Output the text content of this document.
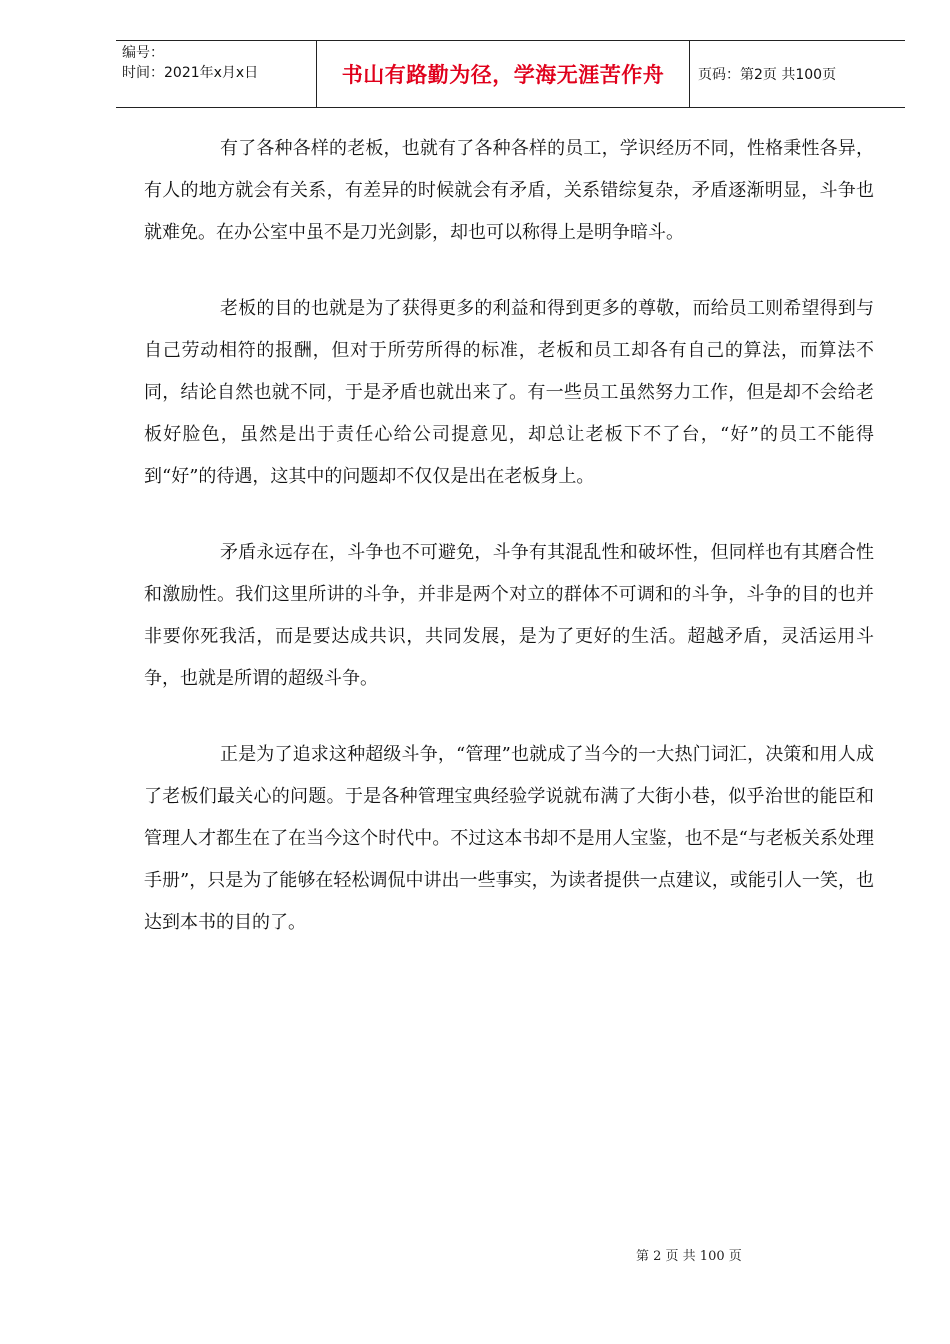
编号：
时间：2021年x月x日	书山有路勤为径，学海无涯苦作舟	页码：第2页 共100页

有了各种各样的老板，也就有了各种各样的员工，学识经历不同，性格秉性各异，有人的地方就会有关系，有差异的时候就会有矛盾，关系错综复杂，矛盾逐渐明显，斗争也就难免。在办公室中虽不是刀光剑影，却也可以称得上是明争暗斗。

老板的目的也就是为了获得更多的利益和得到更多的尊敬，而给员工则希望得到与自己劳动相符的报酬，但对于所劳所得的标准，老板和员工却各有自己的算法，而算法不同，结论自然也就不同，于是矛盾也就出来了。有一些员工虽然努力工作，但是却不会给老板好脸色，虽然是出于责任心给公司提意见，却总让老板下不了台，“好”的员工不能得到“好”的待遇，这其中的问题却不仅仅是出在老板身上。

矛盾永远存在，斗争也不可避免，斗争有其混乱性和破坏性，但同样也有其磨合性和激励性。我们这里所讲的斗争，并非是两个对立的群体不可调和的斗争，斗争的目的也并非要你死我活，而是要达成共识，共同发展，是为了更好的生活。超越矛盾，灵活运用斗争，也就是所谓的超级斗争。

正是为了追求这种超级斗争，“管理”也就成了当今的一大热门词汇，决策和用人成了老板们最关心的问题。于是各种管理宝典经验学说就布满了大街小巷，似乎治世的能臣和管理人才都生在了在当今这个时代中。不过这本书却不是用人宝鉴，也不是“与老板关系处理手册”，只是为了能够在轻松调侃中讲出一些事实，为读者提供一点建议，或能引人一笑，也达到本书的目的了。

第 2 页 共 100 页
